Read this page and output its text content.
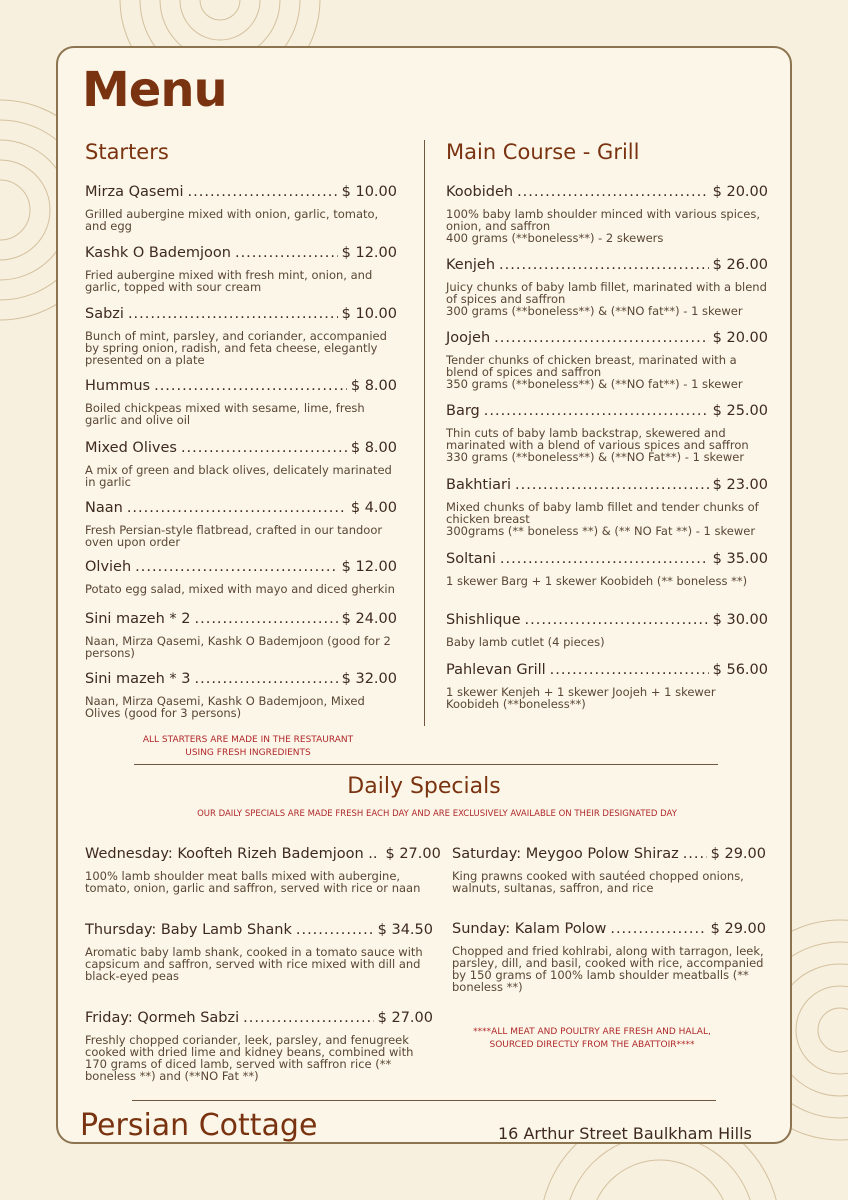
Menu
Starters
Mirza Qasemi .....	$ 10.00
Grilled aubergine mixed with onion, garlic, tomato, and egg
Kashk O Bademjoon .....	$ 12.00
Fried aubergine mixed with fresh mint, onion, and garlic, topped with sour cream
Sabzi .....	$ 10.00
Bunch of mint, parsley, and coriander, accompanied by spring onion, radish, and feta cheese, elegantly presented on a plate
Hummus .....	$ 8.00
Boiled chickpeas mixed with sesame, lime, fresh garlic and olive oil
Mixed Olives .....	$ 8.00
A mix of green and black olives, delicately marinated in garlic
Naan .....	$ 4.00
Fresh Persian-style flatbread, crafted in our tandoor oven upon order
Olvieh .....	$ 12.00
Potato egg salad, mixed with mayo and diced gherkin
Sini mazeh * 2 .....	$ 24.00
Naan, Mirza Qasemi, Kashk O Bademjoon (good for 2 persons)
Sini mazeh * 3 .....	$ 32.00
Naan, Mirza Qasemi, Kashk O Bademjoon, Mixed Olives (good for 3 persons)
ALL STARTERS ARE MADE IN THE RESTAURANT
USING FRESH INGREDIENTS
Main Course - Grill
Koobideh .....	$ 20.00
100% baby lamb shoulder minced with various spices, onion, and saffron
400 grams (**boneless**) - 2 skewers
Kenjeh .....	$ 26.00
Juicy chunks of baby lamb fillet, marinated with a blend of spices and saffron
300 grams (**boneless**) & (**NO fat**) - 1 skewer
Joojeh .....	$ 20.00
Tender chunks of chicken breast, marinated with a blend of spices and saffron
350 grams (**boneless**) & (**NO fat**) - 1 skewer
Barg .....	$ 25.00
Thin cuts of baby lamb backstrap, skewered and marinated with a blend of various spices and saffron
330 grams (**boneless**) & (**NO Fat**) - 1 skewer
Bakhtiari .....	$ 23.00
Mixed chunks of baby lamb fillet and tender chunks of chicken breast
300grams (** boneless **) & (** NO Fat **) - 1 skewer
Soltani .....	$ 35.00
1 skewer Barg + 1 skewer Koobideh (** boneless **)
Shishlique .....	$ 30.00
Baby lamb cutlet (4 pieces)
Pahlevan Grill .....	$ 56.00
1 skewer Kenjeh + 1 skewer Joojeh + 1 skewer Koobideh (**boneless**)
Daily Specials
OUR DAILY SPECIALS ARE MADE FRESH EACH DAY AND ARE EXCLUSIVELY AVAILABLE ON THEIR DESIGNATED DAY
Wednesday: Koofteh Rizeh Bademjoon .. $ 27.00
100% lamb shoulder meat balls mixed with aubergine, tomato, onion, garlic and saffron, served with rice or naan
Thursday: Baby Lamb Shank .....	$ 34.50
Aromatic baby lamb shank, cooked in a tomato sauce with capsicum and saffron, served with rice mixed with dill and black-eyed peas
Friday: Qormeh Sabzi .....	$ 27.00
Freshly chopped coriander, leek, parsley, and fenugreek cooked with dried lime and kidney beans, combined with 170 grams of diced lamb, served with saffron rice (** boneless **) and (**NO Fat **)
Saturday: Meygoo Polow Shiraz ..... $ 29.00
King prawns cooked with sautéed chopped onions, walnuts, sultanas, saffron, and rice
Sunday: Kalam Polow .....	$ 29.00
Chopped and fried kohlrabi, along with tarragon, leek, parsley, dill, and basil, cooked with rice, accompanied by 150 grams of 100% lamb shoulder meatballs (** boneless **)
****ALL MEAT AND POULTRY ARE FRESH AND HALAL,
SOURCED DIRECTLY FROM THE ABATTOIR****
Persian Cottage	16 Arthur Street Baulkham Hills
